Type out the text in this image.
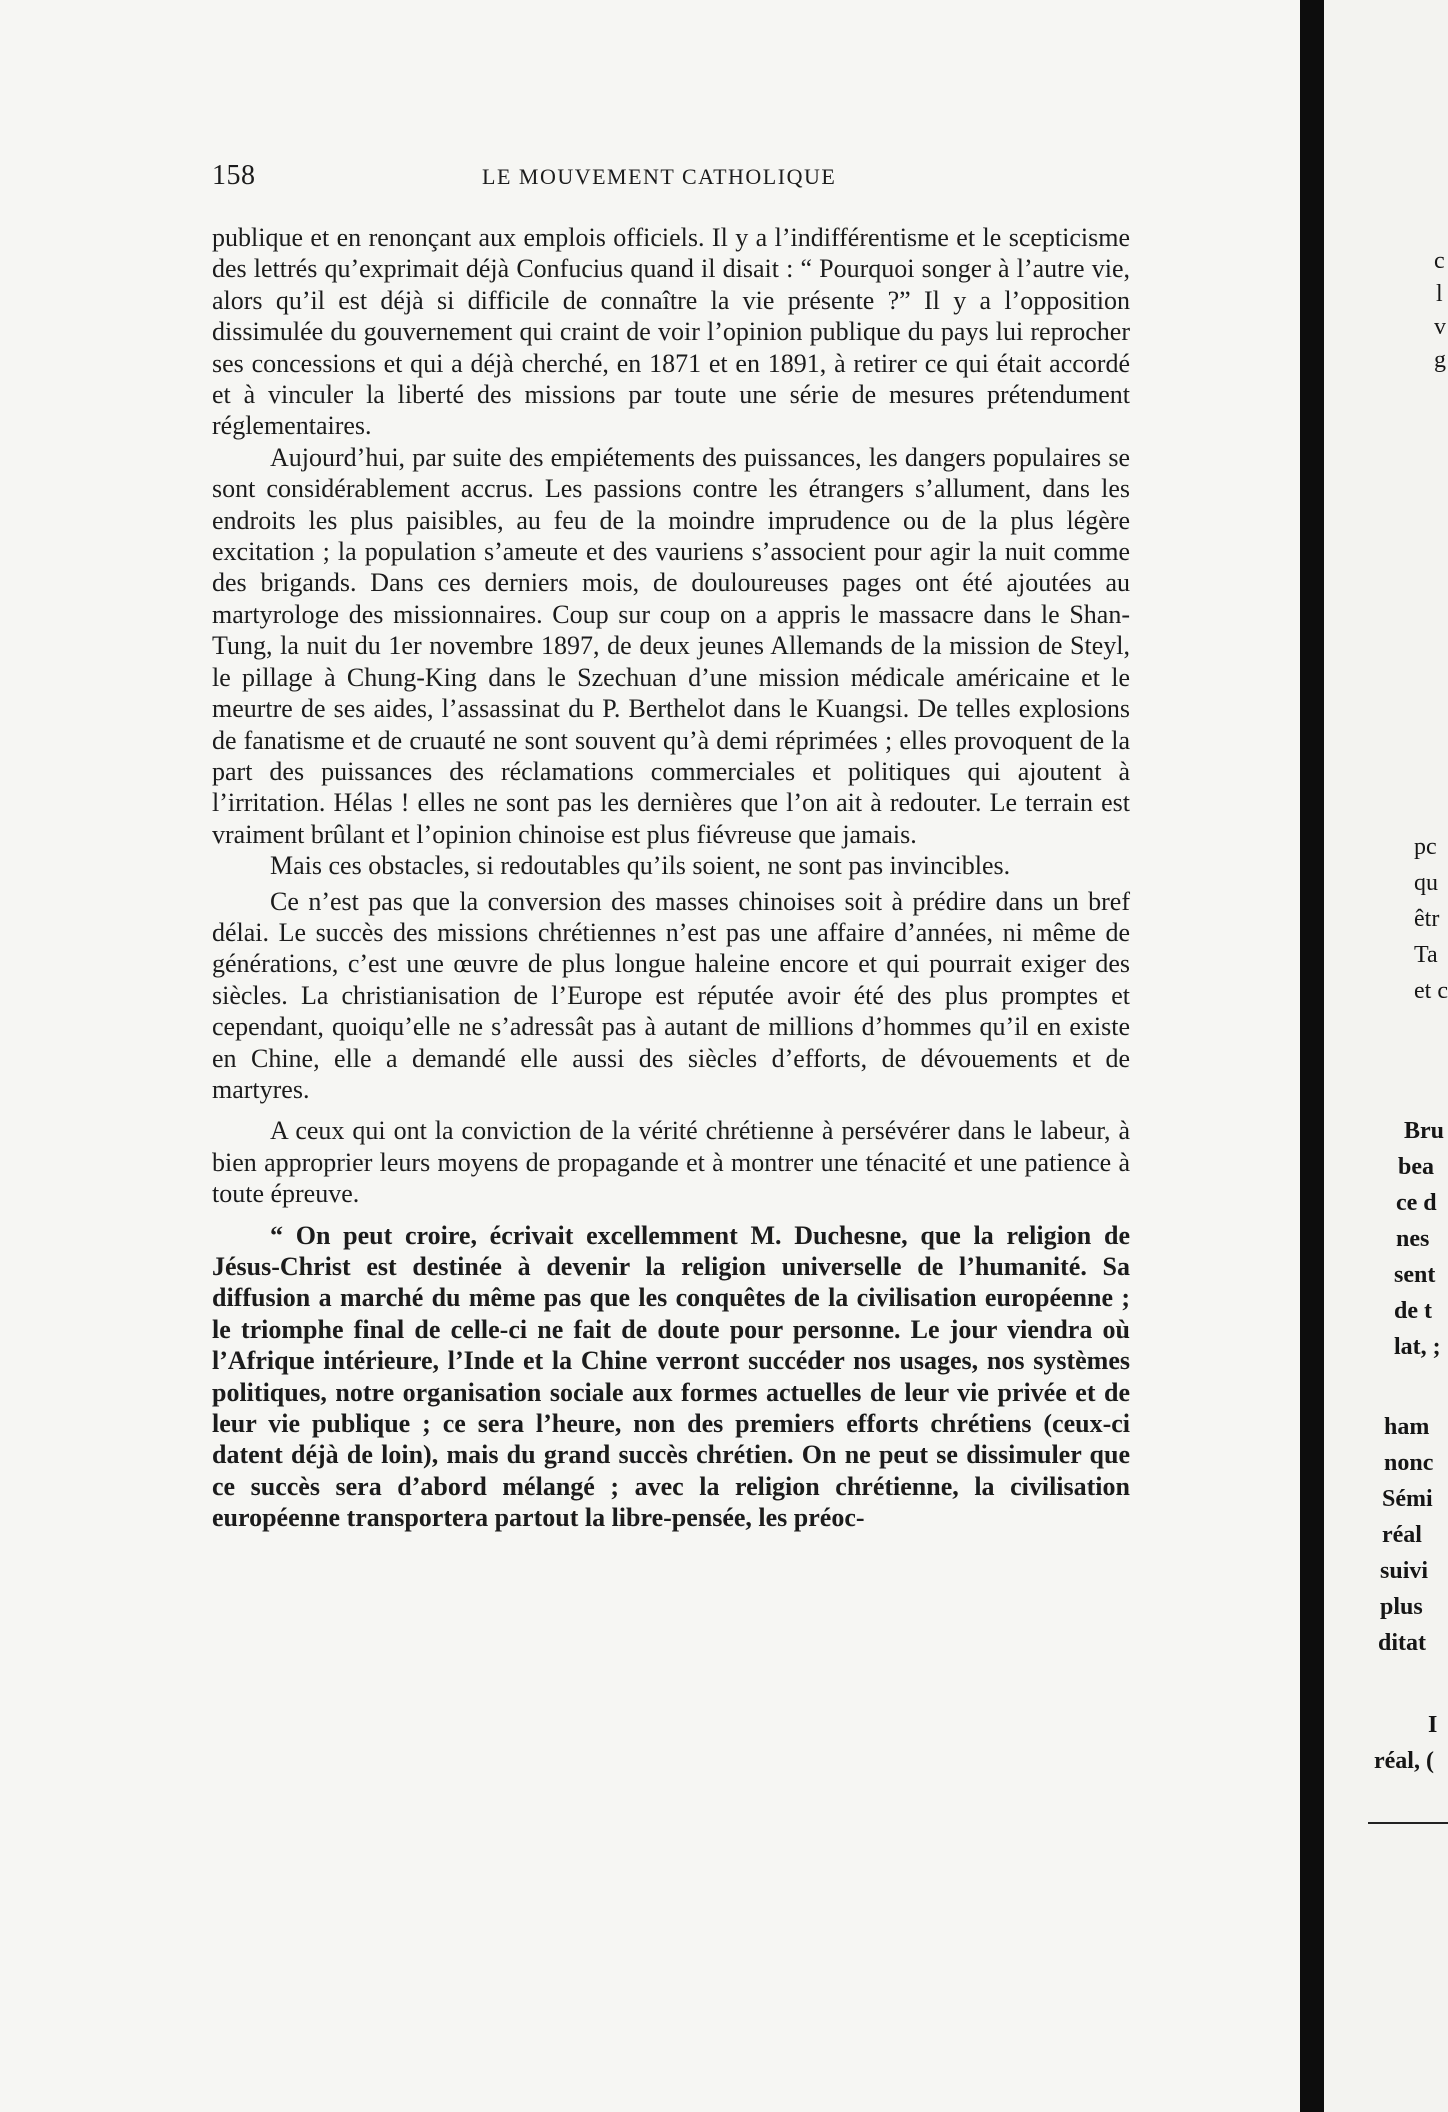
158	LE MOUVEMENT CATHOLIQUE

publique et en renonçant aux emplois officiels. Il y a l’indifférentisme et le scepticisme des lettrés qu’exprimait déjà Confucius quand il disait : “ Pourquoi songer à l’autre vie, alors qu’il est déjà si difficile de connaître la vie présente ?” Il y a l’opposition dissimulée du gouvernement qui craint de voir l’opinion publique du pays lui reprocher ses concessions et qui a déjà cherché, en 1871 et en 1891, à retirer ce qui était accordé et à vinculer la liberté des missions par toute une série de mesures prétendument réglementaires.

Aujourd’hui, par suite des empiétements des puissances, les dangers populaires se sont considérablement accrus. Les passions contre les étrangers s’allument, dans les endroits les plus paisibles, au feu de la moindre imprudence ou de la plus légère excitation ; la population s’ameute et des vauriens s’associent pour agir la nuit comme des brigands. Dans ces derniers mois, de douloureuses pages ont été ajoutées au martyrologe des missionnaires. Coup sur coup on a appris le massacre dans le Shan-Tung, la nuit du 1er novembre 1897, de deux jeunes Allemands de la mission de Steyl, le pillage à Chung-King dans le Szechuan d’une mission médicale américaine et le meurtre de ses aides, l’assassinat du P. Berthelot dans le Kuangsi. De telles explosions de fanatisme et de cruauté ne sont souvent qu’à demi réprimées ; elles provoquent de la part des puissances des réclamations commerciales et politiques qui ajoutent à l’irritation. Hélas ! elles ne sont pas les dernières que l’on ait à redouter. Le terrain est vraiment brûlant et l’opinion chinoise est plus fiévreuse que jamais.

Mais ces obstacles, si redoutables qu’ils soient, ne sont pas invincibles.

Ce n’est pas que la conversion des masses chinoises soit à prédire dans un bref délai. Le succès des missions chrétiennes n’est pas une affaire d’années, ni même de générations, c’est une œuvre de plus longue haleine encore et qui pourrait exiger des siècles. La christianisation de l’Europe est réputée avoir été des plus promptes et cependant, quoiqu’elle ne s’adressât pas à autant de millions d’hommes qu’il en existe en Chine, elle a demandé elle aussi des siècles d’efforts, de dévouements et de martyres.

A ceux qui ont la conviction de la vérité chrétienne à persévérer dans le labeur, à bien approprier leurs moyens de propagande et à montrer une ténacité et une patience à toute épreuve.

“ On peut croire, écrivait excellemment M. Duchesne, que la religion de Jésus-Christ est destinée à devenir la religion universelle de l’humanité. Sa diffusion a marché du même pas que les conquêtes de la civilisation européenne ; le triomphe final de celle-ci ne fait de doute pour personne. Le jour viendra où l’Afrique intérieure, l’Inde et la Chine verront succéder nos usages, nos systèmes politiques, notre organisation sociale aux formes actuelles de leur vie privée et de leur vie publique ; ce sera l’heure, non des premiers efforts chrétiens (ceux-ci datent déjà de loin), mais du grand succès chrétien. On ne peut se dissimuler que ce succès sera d’abord mélangé ; avec la religion chrétienne, la civilisation européenne transportera partout la libre-pensée, les préoc-

c
l
v
g
pc
qu
êtr
Ta
et c
Bru
bea
ce d
nes
sent
de t
lat, ;
ham
nonc
Sémi
réal
suivi
plus
ditat
I
réal, (
